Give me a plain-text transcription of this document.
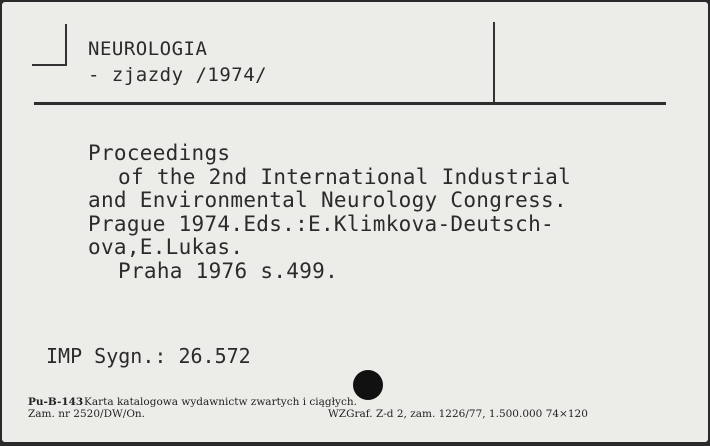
NEUROLOGIA
- zjazdy /1974/
Proceedings
of the 2nd International Industrial
and Environmental Neurology Congress.
Prague 1974.Eds.:E.Klimkova-Deutsch-
ova,E.Lukas.
Praha 1976 s.499.
IMP Sygn.: 26.572
Pu-B-143 Karta katalogowa wydawnictw zwartych i ciągłych.
Zam. nr 2520/DW/On.	WZGraf. Z-d 2, zam. 1226/77, 1.500.000 74×120
